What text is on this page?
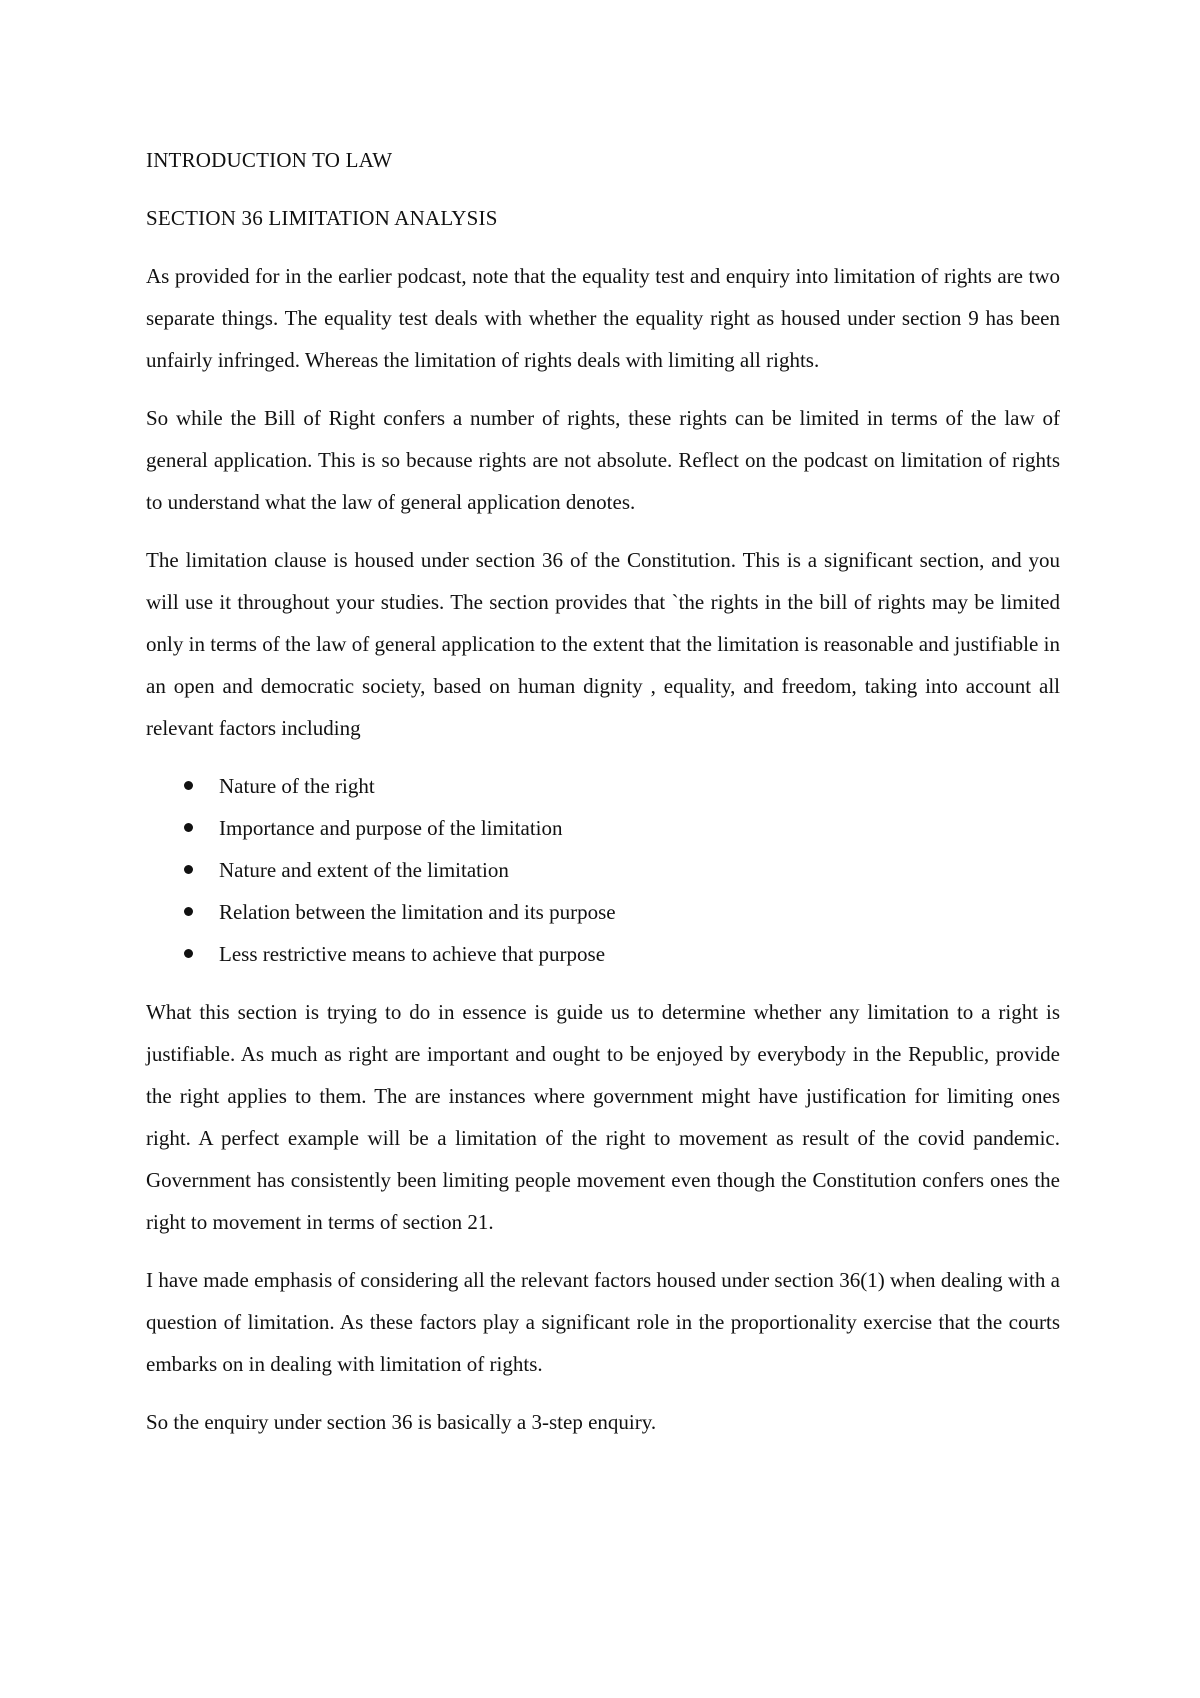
INTRODUCTION TO LAW
SECTION 36 LIMITATION ANALYSIS

As provided for in the earlier podcast, note that the equality test and enquiry into limitation of rights are two separate things. The equality test deals with whether the equality right as housed under section 9 has been unfairly infringed. Whereas the limitation of rights deals with limiting all rights.

So while the Bill of Right confers a number of rights, these rights can be limited in terms of the law of general application. This is so because rights are not absolute. Reflect on the podcast on limitation of rights to understand what the law of general application denotes.

The limitation clause is housed under section 36 of the Constitution. This is a significant section, and you will use it throughout your studies. The section provides that `the rights in the bill of rights may be limited only in terms of the law of general application to the extent that the limitation is reasonable and justifiable in an open and democratic society, based on human dignity , equality, and freedom, taking into account all relevant factors including

Nature of the right
Importance and purpose of the limitation
Nature and extent of the limitation
Relation between the limitation and its purpose
Less restrictive means to achieve that purpose

What this section is trying to do in essence is guide us to determine whether any limitation to a right is justifiable. As much as right are important and ought to be enjoyed by everybody in the Republic, provide the right applies to them. The are instances where government might have justification for limiting ones right. A perfect example will be a limitation of the right to movement as result of the covid pandemic. Government has consistently been limiting people movement even though the Constitution confers ones the right to movement in terms of section 21.

I have made emphasis of considering all the relevant factors housed under section 36(1) when dealing with a question of limitation. As these factors play a significant role in the proportionality exercise that the courts embarks on in dealing with limitation of rights.

So the enquiry under section 36 is basically a 3-step enquiry.
